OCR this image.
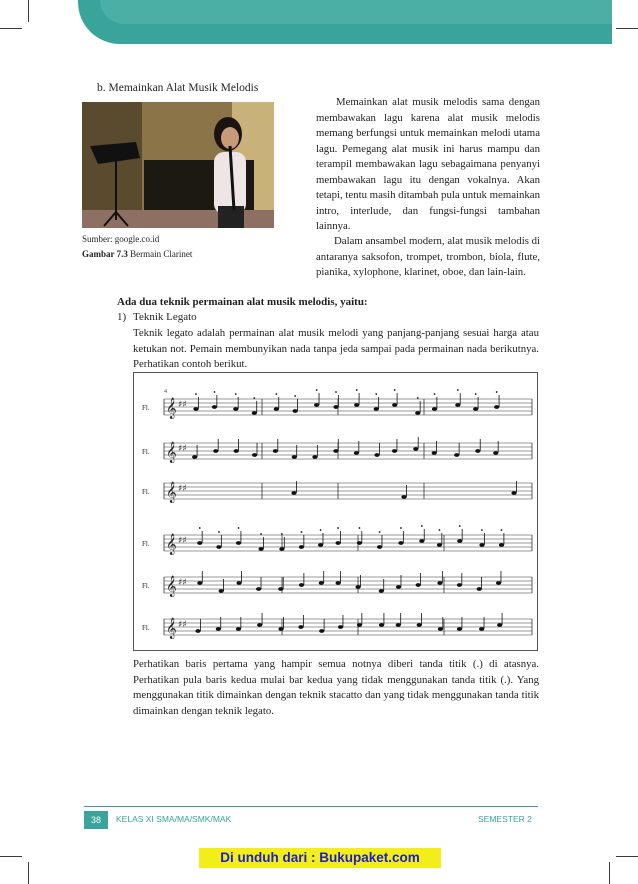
b. Memainkan Alat Musik Melodis
Sumber: google.co.id
Gambar 7.3 Bermain Clarinet

Memainkan alat musik melodis sama dengan membawakan lagu karena alat musik melodis memang berfungsi untuk memainkan melodi utama lagu. Pemegang alat musik ini harus mampu dan terampil membawakan lagu sebagaimana penyanyi membawakan lagu itu dengan vokalnya. Akan tetapi, tentu masih ditambah pula untuk memainkan intro, interlude, dan fungsi-fungsi tambahan lainnya.

Dalam ansambel modern, alat musik melodis di antaranya saksofon, trompet, trombon, biola, flute, pianika, xylophone, klarinet, oboe, dan lain-lain.

Ada dua teknik permainan alat musik melodis, yaitu:
1) Teknik Legato

Teknik legato adalah permainan alat musik melodi yang panjang-panjang sesuai harga atau ketukan not. Pemain membunyikan nada tanpa jeda sampai pada permainan nada berikutnya. Perhatikan contoh berikut.

Fl. 𝄞 ♯♯
4
Fl. 𝄞 ♯♯
Fl. 𝄞 ♯♯
Fl. 𝄞 ♯♯
Fl. 𝄞 ♯♯
Fl. 𝄞 ♯♯

Perhatikan baris pertama yang hampir semua notnya diberi tanda titik (.) di atasnya. Perhatikan pula baris kedua mulai bar kedua yang tidak menggunakan tanda titik (.). Yang menggunakan titik dimainkan dengan teknik stacatto dan yang tidak menggunakan tanda titik dimainkan dengan teknik legato.

38	KELAS XI SMA/MA/SMK/MAK	SEMESTER 2
Di unduh dari : Bukupaket.com
